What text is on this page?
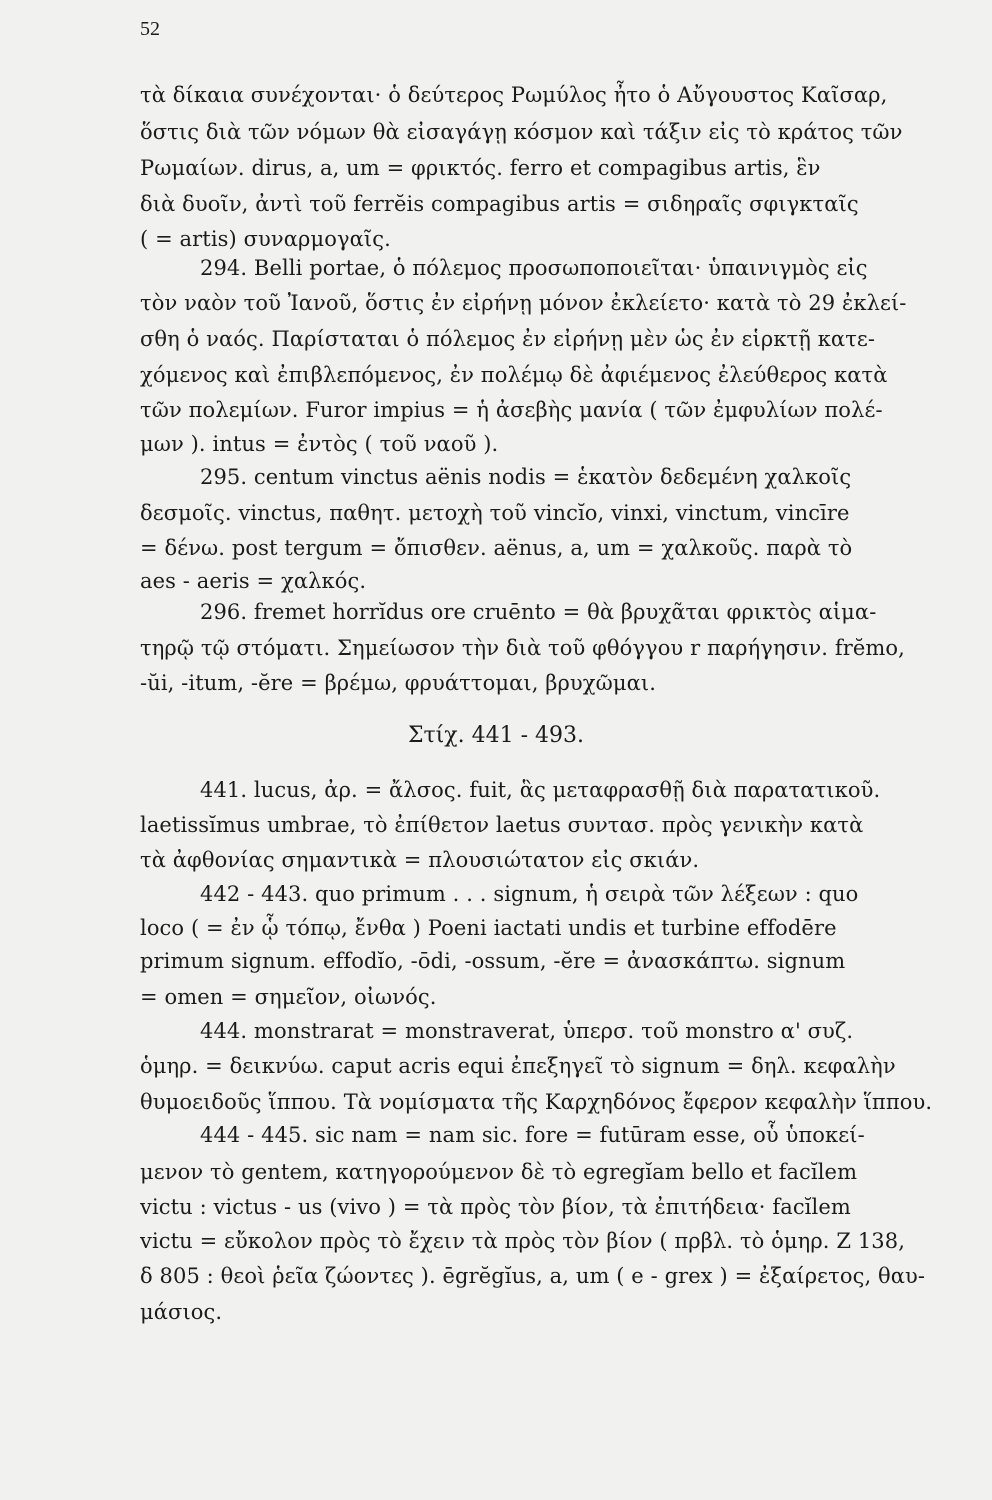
52
τὰ δίκαια συνέχονται· ὁ δεύτερος Ρωμύλος ἦτο ὁ Αὔγουστος Καῖσαρ,
ὅστις διὰ τῶν νόμων θὰ εἰσαγάγῃ κόσμον καὶ τάξιν εἰς τὸ κράτος τῶν
Ρωμαίων. dirus, a, um = φρικτός. ferro et compagibus artis, ἓν
διὰ δυοῖν, ἀντὶ τοῦ ferrĕis compagibus artis = σιδηραῖς σφιγκταῖς
( = artis) συναρμογαῖς.
294. Belli portae, ὁ πόλεμος προσωποποιεῖται· ὑπαινιγμὸς εἰς
τὸν ναὸν τοῦ Ἰανοῦ, ὅστις ἐν εἰρήνῃ μόνον ἐκλείετο· κατὰ τὸ 29 ἐκλεί-
σθη ὁ ναός. Παρίσταται ὁ πόλεμος ἐν εἰρήνῃ μὲν ὡς ἐν εἱρκτῇ κατε-
χόμενος καὶ ἐπιβλεπόμενος, ἐν πολέμῳ δὲ ἀφιέμενος ἐλεύθερος κατὰ
τῶν πολεμίων. Furor impius = ἡ ἀσεβὴς μανία ( τῶν ἐμφυλίων πολέ-
μων ). intus = ἐντὸς ( τοῦ ναοῦ ).
295. centum vinctus aënis nodis = ἑκατὸν δεδεμένη χαλκοῖς
δεσμοῖς. vinctus, παθητ. μετοχὴ τοῦ vincĭo, vinxi, vinctum, vincīre
= δένω. post tergum = ὄπισθεν. aënus, a, um = χαλκοῦς. παρὰ τὸ
aes - aeris = χαλκός.
296. fremet horrĭdus ore cruēnto = θὰ βρυχᾶται φρικτὸς αἱμα-
τηρῷ τῷ στόματι. Σημείωσον τὴν διὰ τοῦ φθόγγου r παρήγησιν. frĕmo,
-ŭi, -itum, -ĕre = βρέμω, φρυάττομαι, βρυχῶμαι.
Στίχ. 441 - 493.
441. lucus, ἀρ. = ἄλσος. fuit, ἃς μεταφρασθῇ διὰ παρατατικοῦ.
laetissĭmus umbrae, τὸ ἐπίθετον laetus συντασ. πρὸς γενικὴν κατὰ
τὰ ἀφθονίας σημαντικὰ = πλουσιώτατον εἰς σκιάν.
442 - 443. quo primum . . . signum, ἡ σειρὰ τῶν λέξεων : quo
loco ( = ἐν ᾧ τόπῳ, ἔνθα ) Poeni iactati undis et turbine effodēre
primum signum. effodĭo, -ōdi, -ossum, -ĕre = ἀνασκάπτω. signum
= omen = σημεῖον, οἰωνός.
444. monstrarat = monstraverat, ὑπερσ. τοῦ monstro α' συζ.
ὁμηρ. = δεικνύω. caput acris equi ἐπεξηγεῖ τὸ signum = δηλ. κεφαλὴν
θυμοειδοῦς ἵππου. Τὰ νομίσματα τῆς Καρχηδόνος ἔφερον κεφαλὴν ἵππου.
444 - 445. sic nam = nam sic. fore = futūram esse, οὗ ὑποκεί-
μενον τὸ gentem, κατηγορούμενον δὲ τὸ egregĭam bello et facĭlem
victu : victus - us (vivo ) = τὰ πρὸς τὸν βίον, τὰ ἐπιτήδεια· facĭlem
victu = εὔκολον πρὸς τὸ ἔχειν τὰ πρὸς τὸν βίον ( πρβλ. τὸ ὁμηρ. Ζ 138,
δ 805 : θεοὶ ῥεῖα ζώοντες ). ēgrĕgĭus, a, um ( e - grex ) = ἐξαίρετος, θαυ-
μάσιος.
